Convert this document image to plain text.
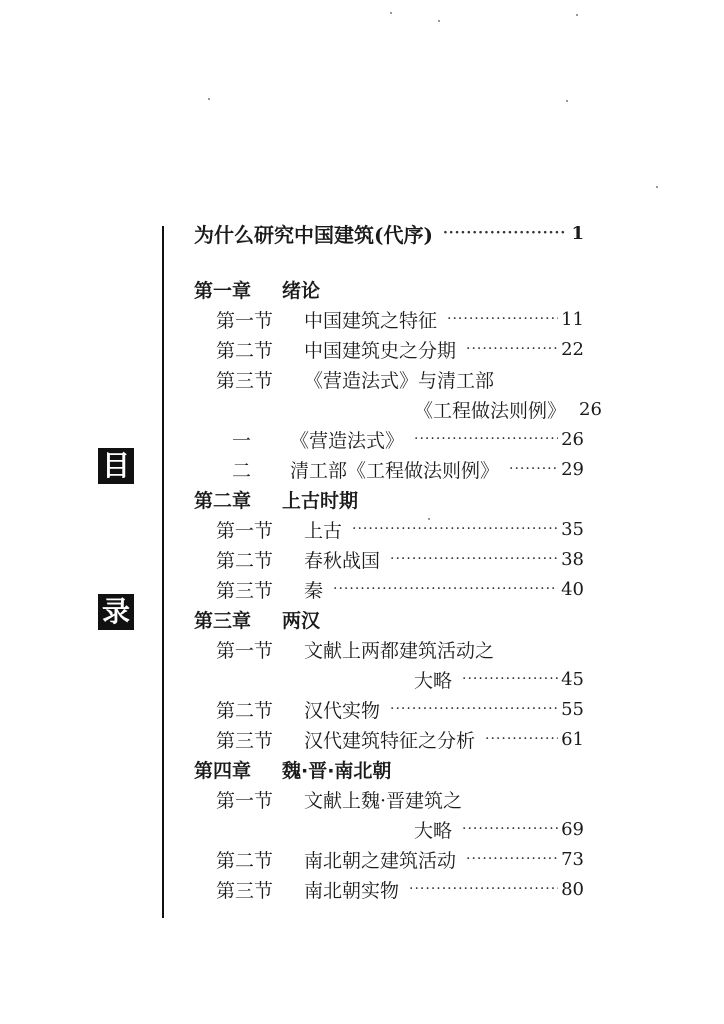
目
录
为什么研究中国建筑(代序) ·····	1
第一章	绪论
第一节	中国建筑之特征 ·····	11
第二节	中国建筑史之分期 ·····	22
第三节	《营造法式》与清工部
《工程做法则例》 26
一	《营造法式》 ·····	26
二	清工部《工程做法则例》 ·····	29
第二章	上古时期
第一节	上古 ·····	35
第二节	春秋战国 ·····	38
第三节	秦 ·····	40
第三章	两汉
第一节	文献上两都建筑活动之
大略 ·····	45
第二节	汉代实物 ·····	55
第三节	汉代建筑特征之分析 ·····	61
第四章	魏·晋·南北朝
第一节	文献上魏·晋建筑之
大略 ·····	69
第二节	南北朝之建筑活动 ·····	73
第三节	南北朝实物 ·····	80
